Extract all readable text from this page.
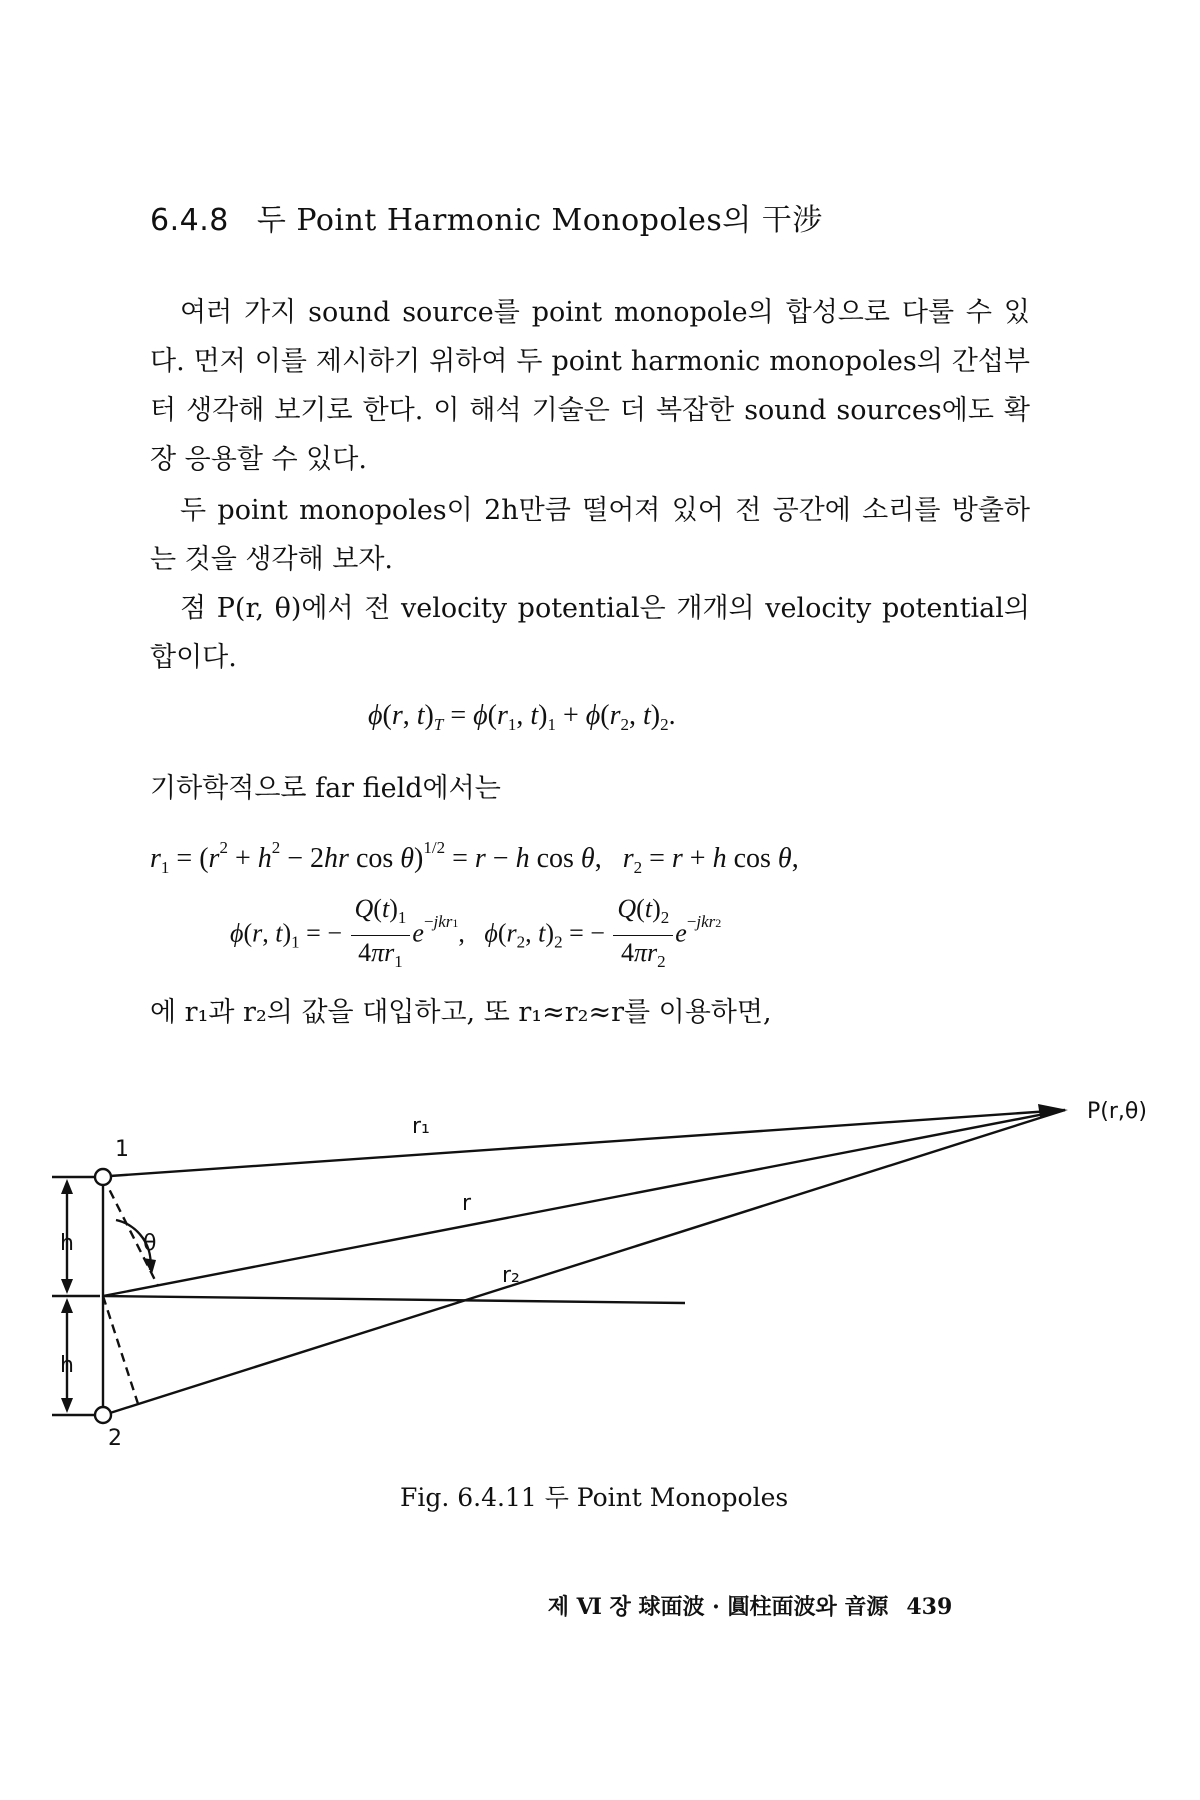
6.4.8 두 Point Harmonic Monopoles의 干涉

여러 가지 sound source를 point monopole의 합성으로 다룰 수 있다. 먼저 이를 제시하기 위하여 두 point harmonic monopoles의 간섭부터 생각해 보기로 한다. 이 해석 기술은 더 복잡한 sound sources에도 확장 응용할 수 있다.

두 point monopoles이 2h만큼 떨어져 있어 전 공간에 소리를 방출하는 것을 생각해 보자.

점 P(r, θ)에서 전 velocity potential은 개개의 velocity potential의 합이다.

ϕ(r, $t)_T = \phi(r_1$, $t)_1 + \phi(r_2$, $t)_2$.
기하학적으로 far field에서는
$r_1 = (r^2 + h^2 - 2hr$ cos θ)$^{1/2}$ = r − h cos θ,   $r_2 = r + h$ cos θ,
ϕ(r, $t)_1$ = − $\frac{Q(t)_1}{4\pi r_1} e^{-jkr1}$,   $\phi(r_2$, $t)_2$ = − $\frac{Q(t)_2}{4\pi r_2} e^{-jkr2}$
에 r₁과 r₂의 값을 대입하고, 또 r₁≈r₂≈r를 이용하면,
P(r,θ)
r₁
r
r₂
θ
h
h
1
2
Fig. 6.4.11 두 Point Monopoles
제 Ⅵ 장 球面波 · 圓柱面波와 音源 439
